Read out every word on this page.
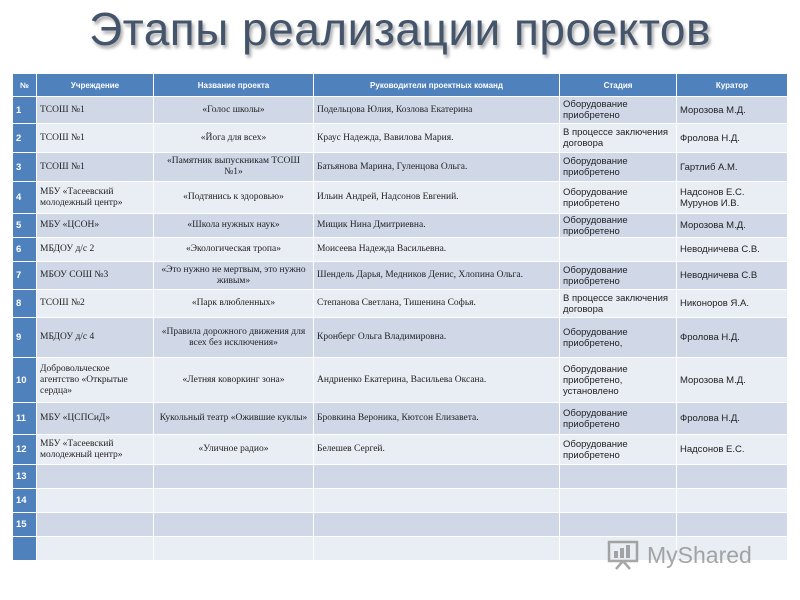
Этапы реализации проектов
№	Учреждение	Название проекта	Руководители проектных команд	Стадия	Куратор
1	ТСОШ №1	«Голос школы»	Подельцова Юлия, Козлова Екатерина	Оборудование приобретено	Морозова М.Д.
2	ТСОШ №1	«Йога для всех»	Краус Надежда, Вавилова Мария.	В процессе заключения договора	Фролова Н.Д.
3	ТСОШ №1	«Памятник выпускникам ТСОШ №1»	Батьянова Марина, Гуленцова Ольга.	Оборудование приобретено	Гартлиб А.М.
4	МБУ «Тасеевский молодежный центр»	«Подтянись к здоровью»	Ильин Андрей, Надсонов Евгений.	Оборудование приобретено	Надсонов Е.С. Мурунов И.В.
5	МБУ «ЦСОН»	«Школа нужных наук»	Мищик Нина Дмитриевна.	Оборудование приобретено	Морозова М.Д.
6	МБДОУ д/с 2	«Экологическая тропа»	Моисеева Надежда Васильевна.		Неводничева С.В.
7	МБОУ СОШ №3	«Это нужно не мертвым, это нужно живым»	Шендель Дарья, Медников Денис, Хлопина Ольга.	Оборудование приобретено	Неводничева С.В
8	ТСОШ №2	«Парк влюбленных»	Степанова Светлана, Тишенина Софья.	В процессе заключения договора	Никоноров Я.А.
9	МБДОУ д/с 4	«Правила дорожного движения для всех без исключения»	Кронберг Ольга Владимировна.	Оборудование приобретено,	Фролова Н.Д.
10	Добровольческое агентство «Открытые сердца»	«Летняя коворкинг зона»	Андриенко Екатерина, Васильева Оксана.	Оборудование приобретено, установлено	Морозова М.Д.
11	МБУ «ЦСПСиД»	Кукольный театр «Ожившие куклы»	Бровкина Вероника, Кютсон Елизавета.	Оборудование приобретено	Фролова Н.Д.
12	МБУ «Тасеевский молодежный центр»	«Уличное радио»	Белешев Сергей.	Оборудование приобретено	Надсонов Е.С.
13					
14					
15					

MyShared
